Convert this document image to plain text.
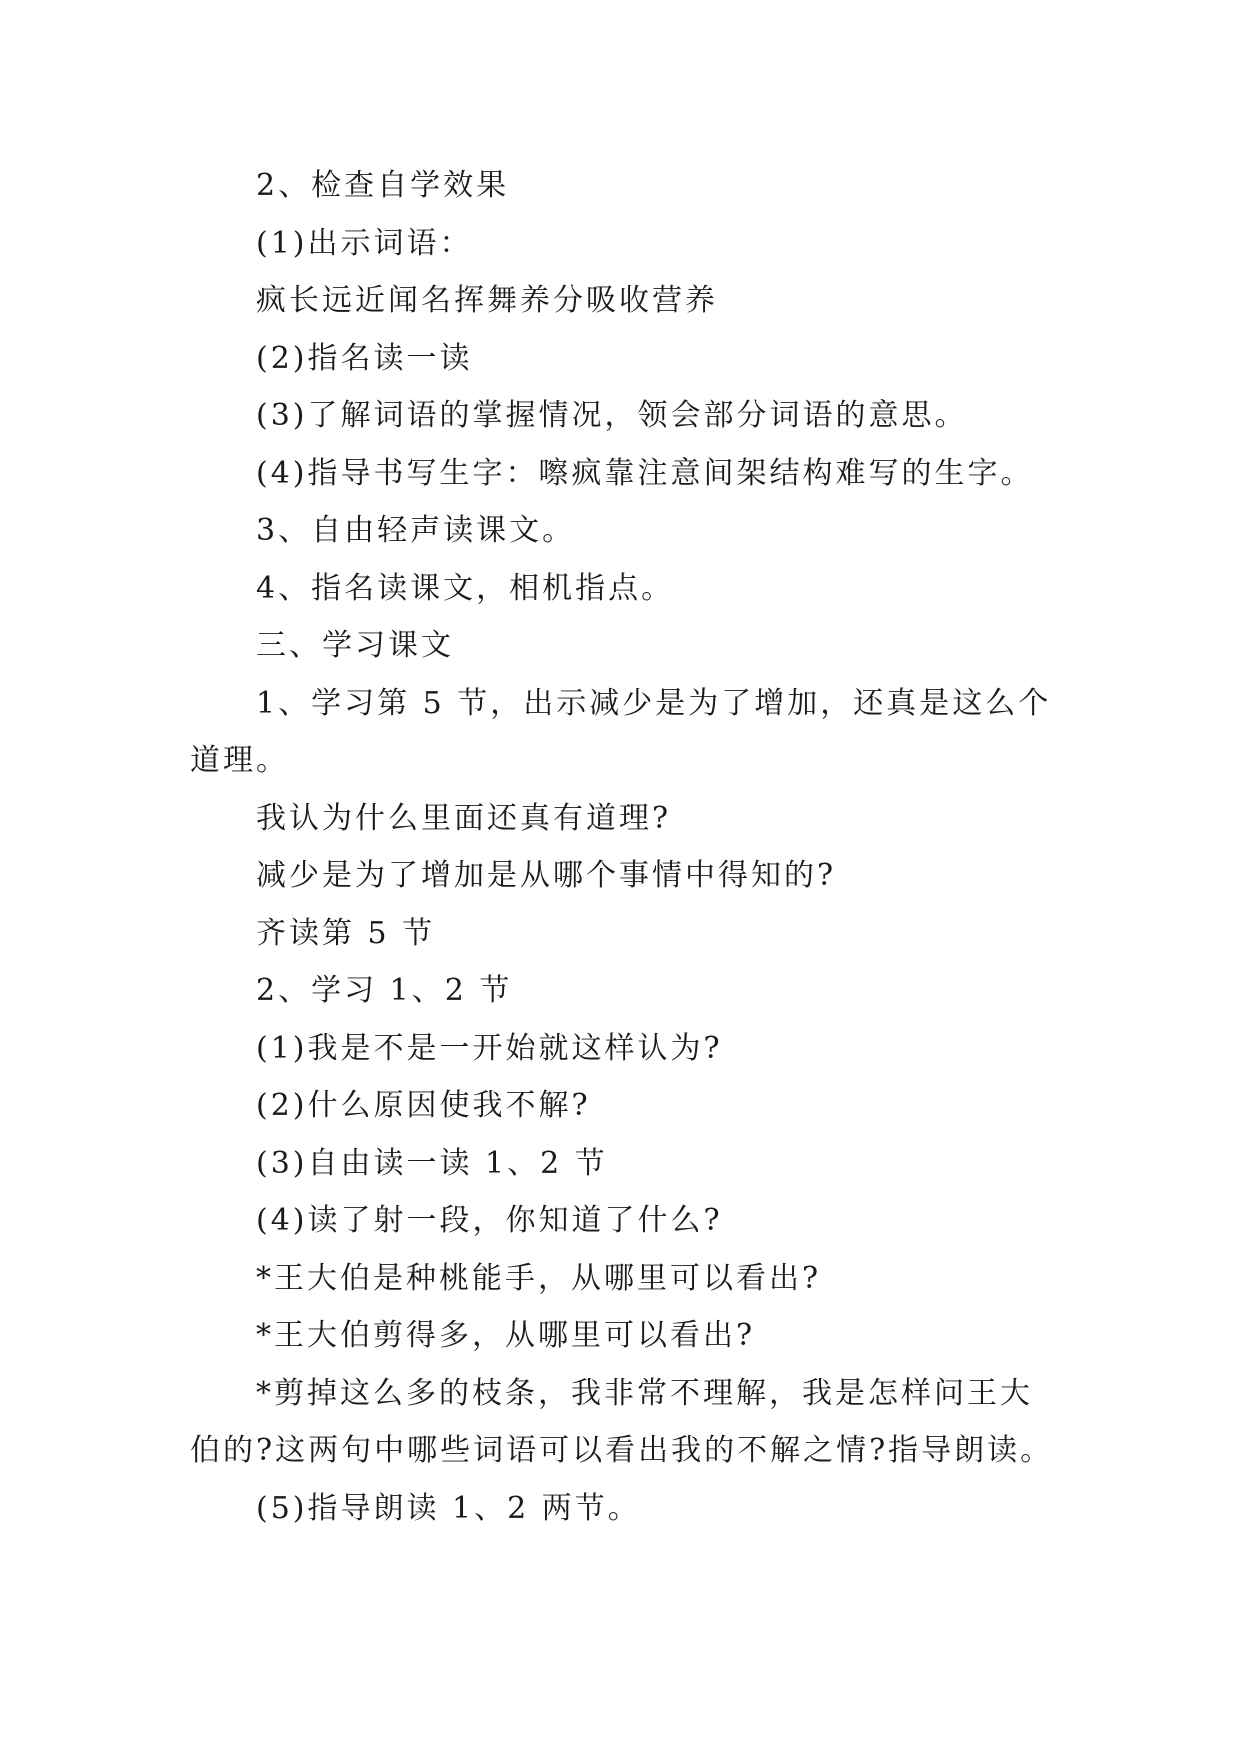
2、检查自学效果
(1)出示词语：
疯长远近闻名挥舞养分吸收营养
(2)指名读一读
(3)了解词语的掌握情况，领会部分词语的意思。
(4)指导书写生字：嚓疯靠注意间架结构难写的生字。
3、自由轻声读课文。
4、指名读课文，相机指点。
三、学习课文
1、学习第 5 节，出示减少是为了增加，还真是这么个
道理。
我认为什么里面还真有道理?
减少是为了增加是从哪个事情中得知的?
齐读第 5 节
2、学习 1、2 节
(1)我是不是一开始就这样认为?
(2)什么原因使我不解?
(3)自由读一读 1、2 节
(4)读了射一段，你知道了什么?
*王大伯是种桃能手，从哪里可以看出?
*王大伯剪得多，从哪里可以看出?
*剪掉这么多的枝条，我非常不理解，我是怎样问王大
伯的?这两句中哪些词语可以看出我的不解之情?指导朗读。
(5)指导朗读 1、2 两节。
